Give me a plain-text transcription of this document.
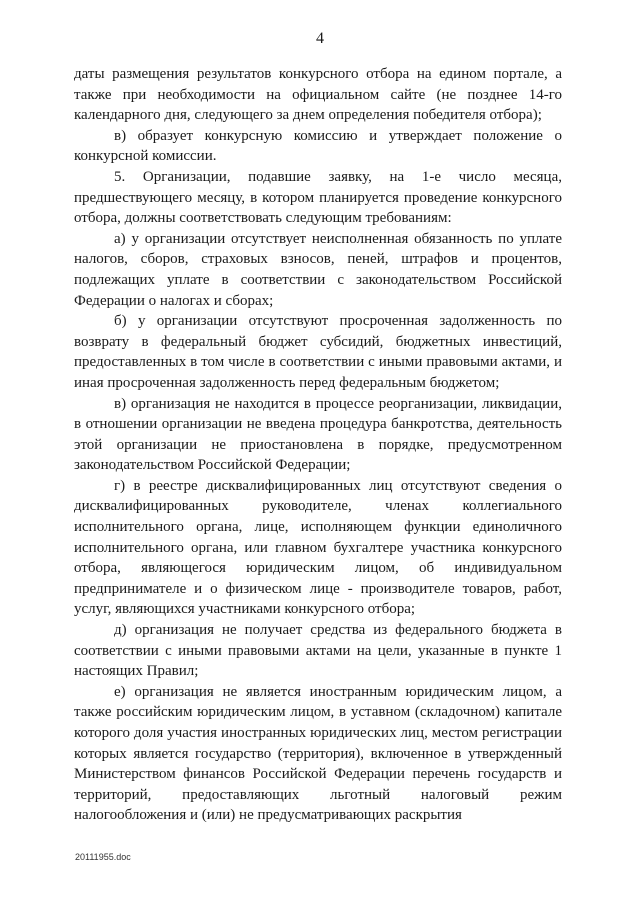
4

даты размещения результатов конкурсного отбора на едином портале, а также при необходимости на официальном сайте (не позднее 14-го календарного дня, следующего за днем определения победителя отбора);

в) образует конкурсную комиссию и утверждает положение о конкурсной комиссии.

5. Организации, подавшие заявку, на 1-е число месяца, предшествующего месяцу, в котором планируется проведение конкурсного отбора, должны соответствовать следующим требованиям:

а) у организации отсутствует неисполненная обязанность по уплате налогов, сборов, страховых взносов, пеней, штрафов и процентов, подлежащих уплате в соответствии с законодательством Российской Федерации о налогах и сборах;

б) у организации отсутствуют просроченная задолженность по возврату в федеральный бюджет субсидий, бюджетных инвестиций, предоставленных в том числе в соответствии с иными правовыми актами, и иная просроченная задолженность перед федеральным бюджетом;

в) организация не находится в процессе реорганизации, ликвидации, в отношении организации не введена процедура банкротства, деятельность этой организации не приостановлена в порядке, предусмотренном законодательством Российской Федерации;

г) в реестре дисквалифицированных лиц отсутствуют сведения о дисквалифицированных руководителе, членах коллегиального исполнительного органа, лице, исполняющем функции единоличного исполнительного органа, или главном бухгалтере участника конкурсного отбора, являющегося юридическим лицом, об индивидуальном предпринимателе и о физическом лице - производителе товаров, работ, услуг, являющихся участниками конкурсного отбора;

д) организация не получает средства из федерального бюджета в соответствии с иными правовыми актами на цели, указанные в пункте 1 настоящих Правил;

е) организация не является иностранным юридическим лицом, а также российским юридическим лицом, в уставном (складочном) капитале которого доля участия иностранных юридических лиц, местом регистрации которых является государство (территория), включенное в утвержденный Министерством финансов Российской Федерации перечень государств и территорий, предоставляющих льготный налоговый режим налогообложения и (или) не предусматривающих раскрытия

20111955.doc
